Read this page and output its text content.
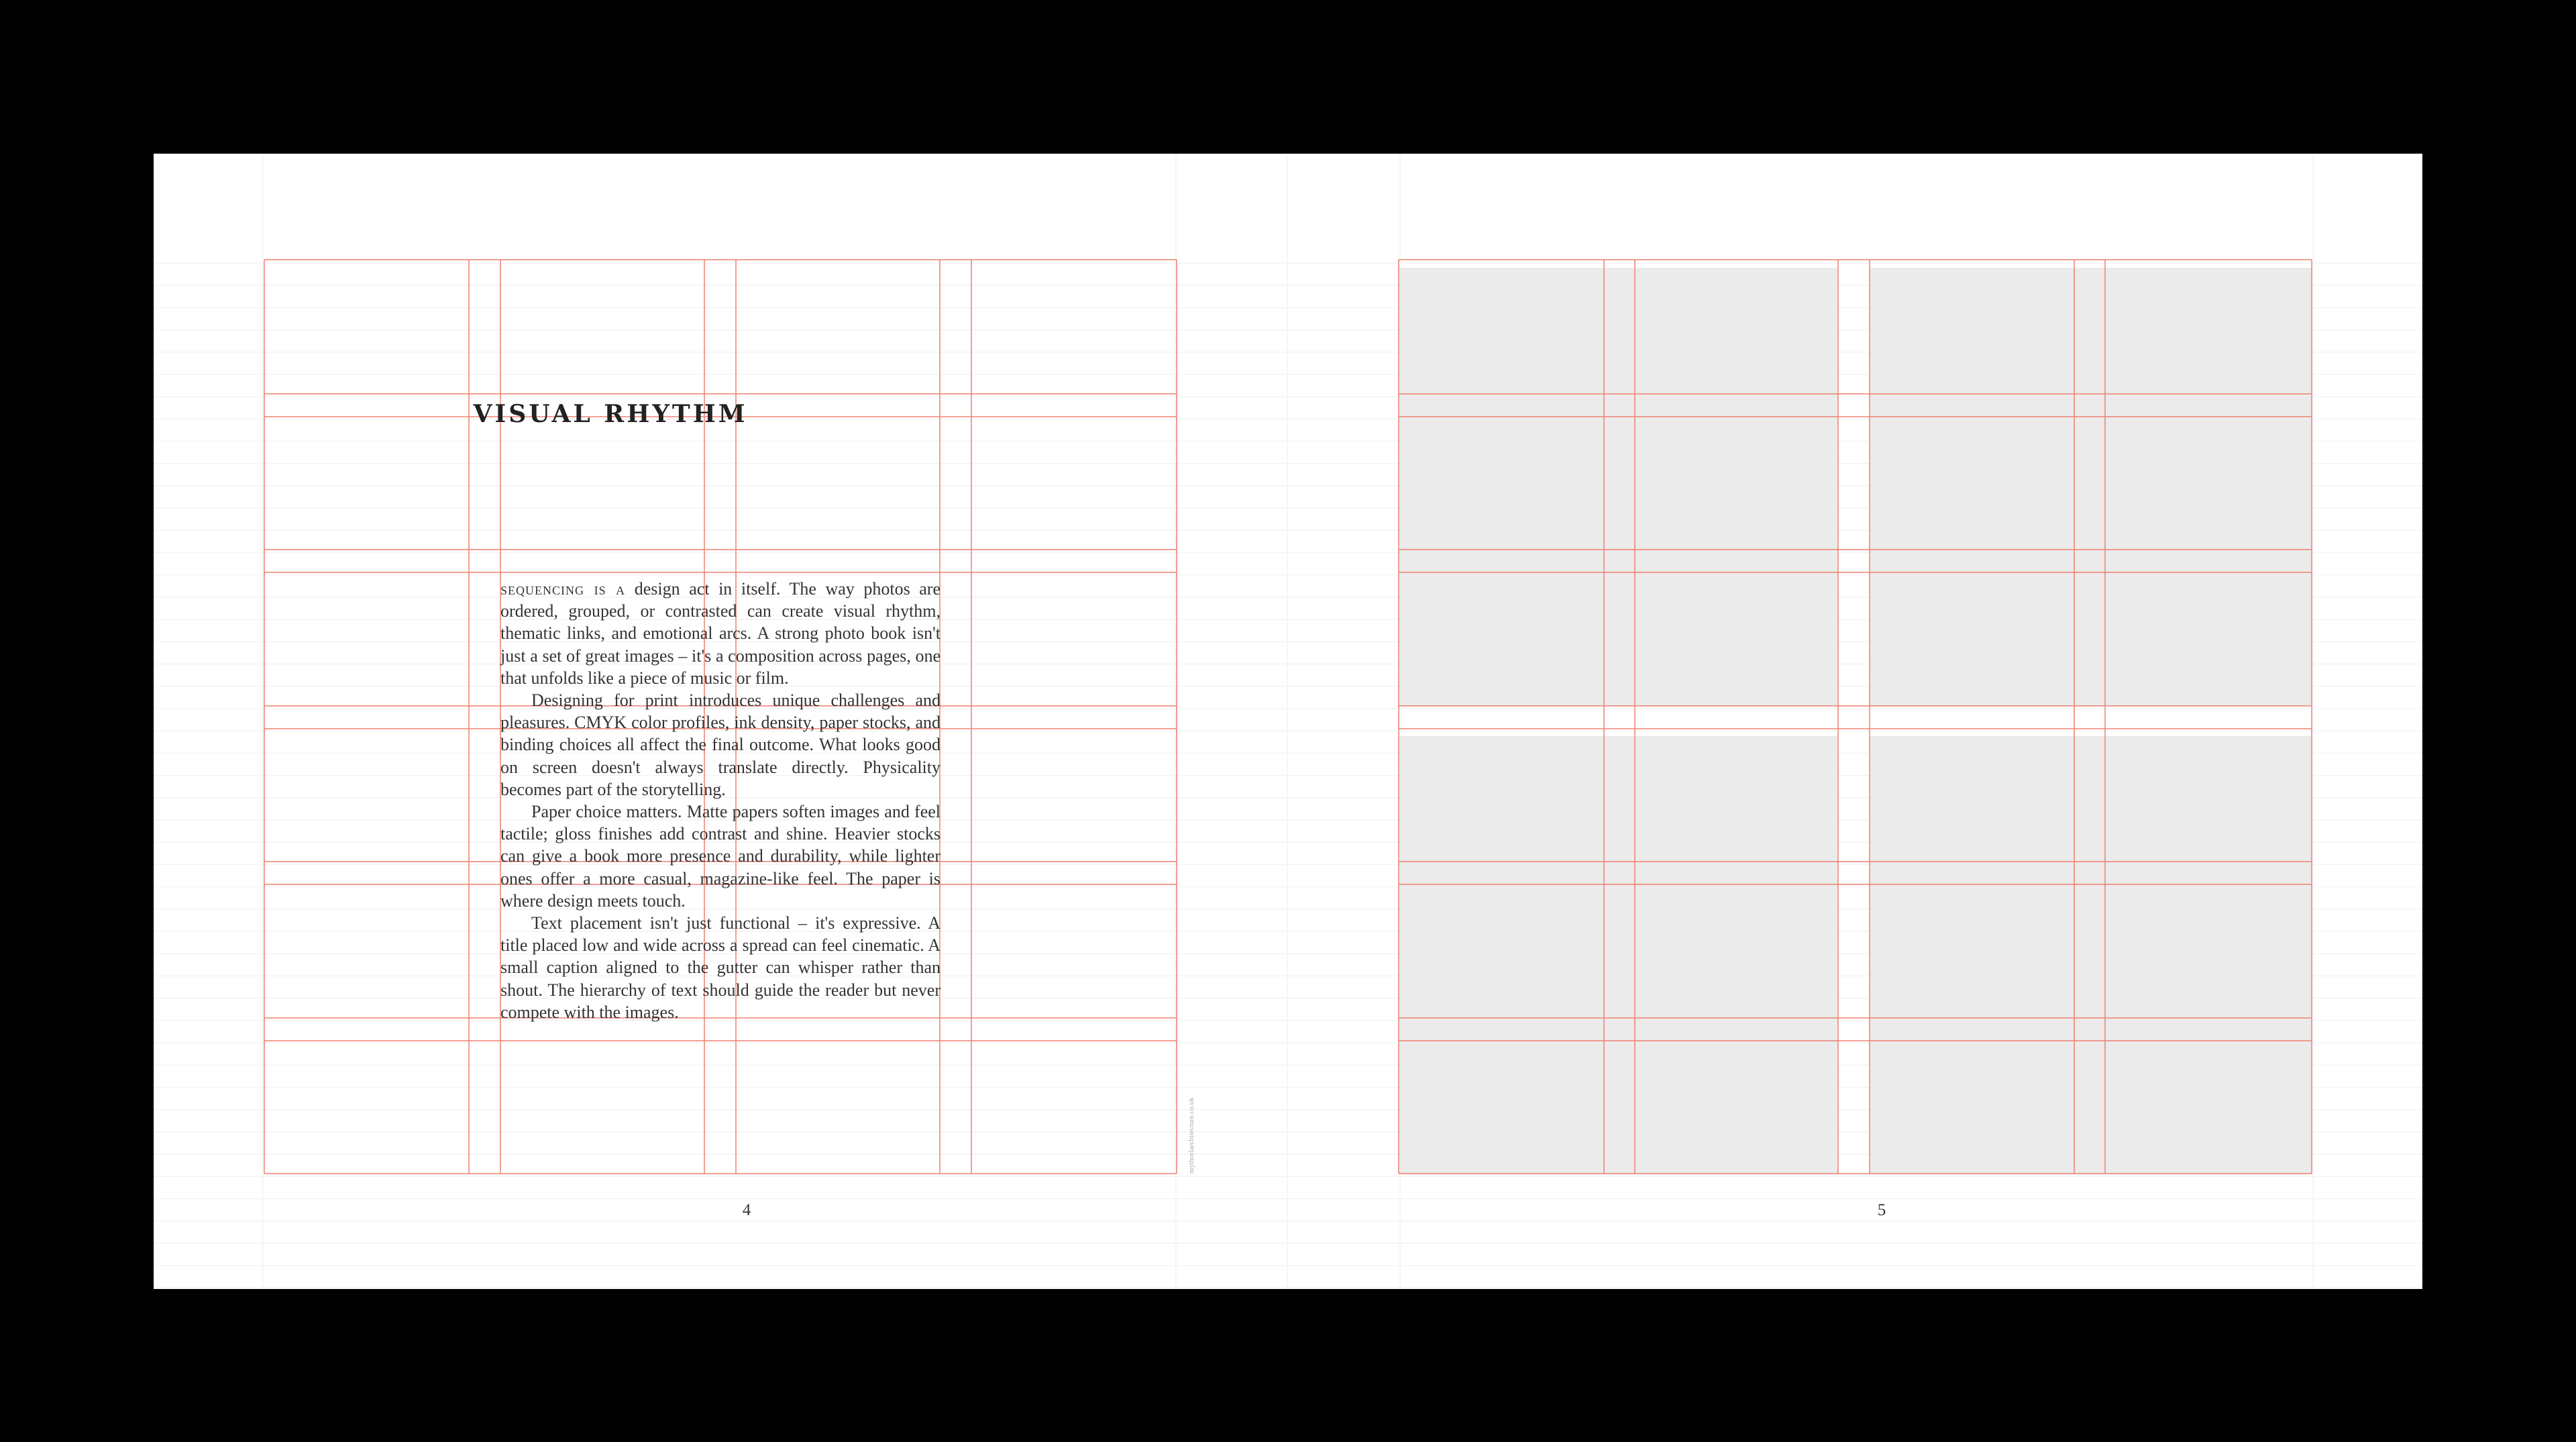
VISUAL RHYTHM

sequencing is a design act in itself. The way photos are ordered, grouped, or contrasted can create visual rhythm, thematic links, and emotional arcs. A strong photo book isn't just a set of great images – it's a composition across pages, one that unfolds like a piece of music or film.

Designing for print introduces unique challenges and pleasures. CMYK color profiles, ink density, paper stocks, and binding choices all affect the final outcome. What looks good on screen doesn't always translate directly. Physicality becomes part of the storytelling.

Paper choice matters. Matte papers soften images and feel tactile; gloss finishes add contrast and shine. Heavier stocks can give a book more presence and durability, while lighter ones offer a more casual, magazine-like feel. The paper is where design meets touch.

Text placement isn't just functional – it's expressive. A title placed low and wide across a spread can feel cinematic. A small caption aligned to the gutter can whisper rather than shout. The hierarchy of text should guide the reader but never compete with the images.

4	5
mythorlarchitecture.co.uk
